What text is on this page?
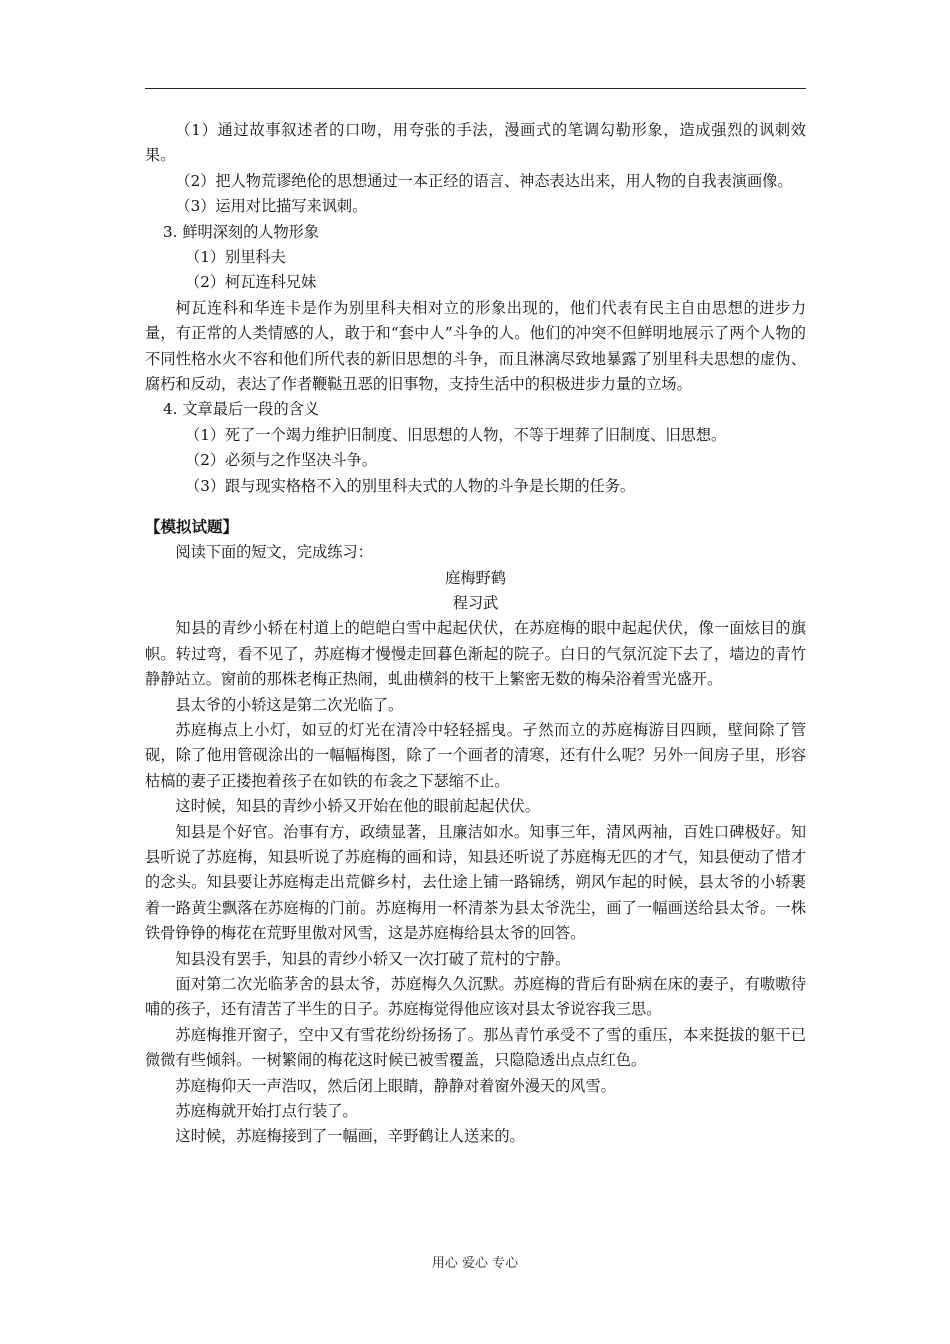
（1）通过故事叙述者的口吻，用夸张的手法，漫画式的笔调勾勒形象，造成强烈的讽刺效果。

（2）把人物荒谬绝伦的思想通过一本正经的语言、神态表达出来，用人物的自我表演画像。

（3）运用对比描写来讽刺。

3. 鲜明深刻的人物形象

（1）别里科夫

（2）柯瓦连科兄妹

柯瓦连科和华连卡是作为别里科夫相对立的形象出现的，他们代表有民主自由思想的进步力量，有正常的人类情感的人，敢于和“套中人”斗争的人。他们的冲突不但鲜明地展示了两个人物的不同性格水火不容和他们所代表的新旧思想的斗争，而且淋漓尽致地暴露了别里科夫思想的虚伪、腐朽和反动，表达了作者鞭鞑丑恶的旧事物，支持生活中的积极进步力量的立场。

4. 文章最后一段的含义

（1）死了一个竭力维护旧制度、旧思想的人物，不等于埋葬了旧制度、旧思想。

（2）必须与之作坚决斗争。

（3）跟与现实格格不入的别里科夫式的人物的斗争是长期的任务。

【模拟试题】

阅读下面的短文，完成练习：

庭梅野鹤

程习武

知县的青纱小轿在村道上的皑皑白雪中起起伏伏，在苏庭梅的眼中起起伏伏，像一面炫目的旗帜。转过弯，看不见了，苏庭梅才慢慢走回暮色渐起的院子。白日的气氛沉淀下去了，墙边的青竹静静站立。窗前的那株老梅正热闹，虬曲横斜的枝干上繁密无数的梅朵浴着雪光盛开。

县太爷的小轿这是第二次光临了。

苏庭梅点上小灯，如豆的灯光在清冷中轻轻摇曳。孑然而立的苏庭梅游目四顾，壁间除了管砚，除了他用管砚涂出的一幅幅梅图，除了一个画者的清寒，还有什么呢？另外一间房子里，形容枯槁的妻子正搂抱着孩子在如铁的布衾之下瑟缩不止。

这时候，知县的青纱小轿又开始在他的眼前起起伏伏。

知县是个好官。治事有方，政绩显著，且廉洁如水。知事三年，清风两袖，百姓口碑极好。知县听说了苏庭梅，知县听说了苏庭梅的画和诗，知县还听说了苏庭梅无匹的才气，知县便动了惜才的念头。知县要让苏庭梅走出荒僻乡村，去仕途上铺一路锦绣，朔风乍起的时候，县太爷的小轿裹着一路黄尘飘落在苏庭梅的门前。苏庭梅用一杯清茶为县太爷洗尘，画了一幅画送给县太爷。一株铁骨铮铮的梅花在荒野里傲对风雪，这是苏庭梅给县太爷的回答。

知县没有罢手，知县的青纱小轿又一次打破了荒村的宁静。

面对第二次光临茅舍的县太爷，苏庭梅久久沉默。苏庭梅的背后有卧病在床的妻子，有嗷嗷待哺的孩子，还有清苦了半生的日子。苏庭梅觉得他应该对县太爷说容我三思。

苏庭梅推开窗子，空中又有雪花纷纷扬扬了。那丛青竹承受不了雪的重压，本来挺拔的躯干已微微有些倾斜。一树繁闹的梅花这时候已被雪覆盖，只隐隐透出点点红色。

苏庭梅仰天一声浩叹，然后闭上眼睛，静静对着窗外漫天的风雪。

苏庭梅就开始打点行装了。

这时候，苏庭梅接到了一幅画，辛野鹤让人送来的。

用心 爱心 专心
